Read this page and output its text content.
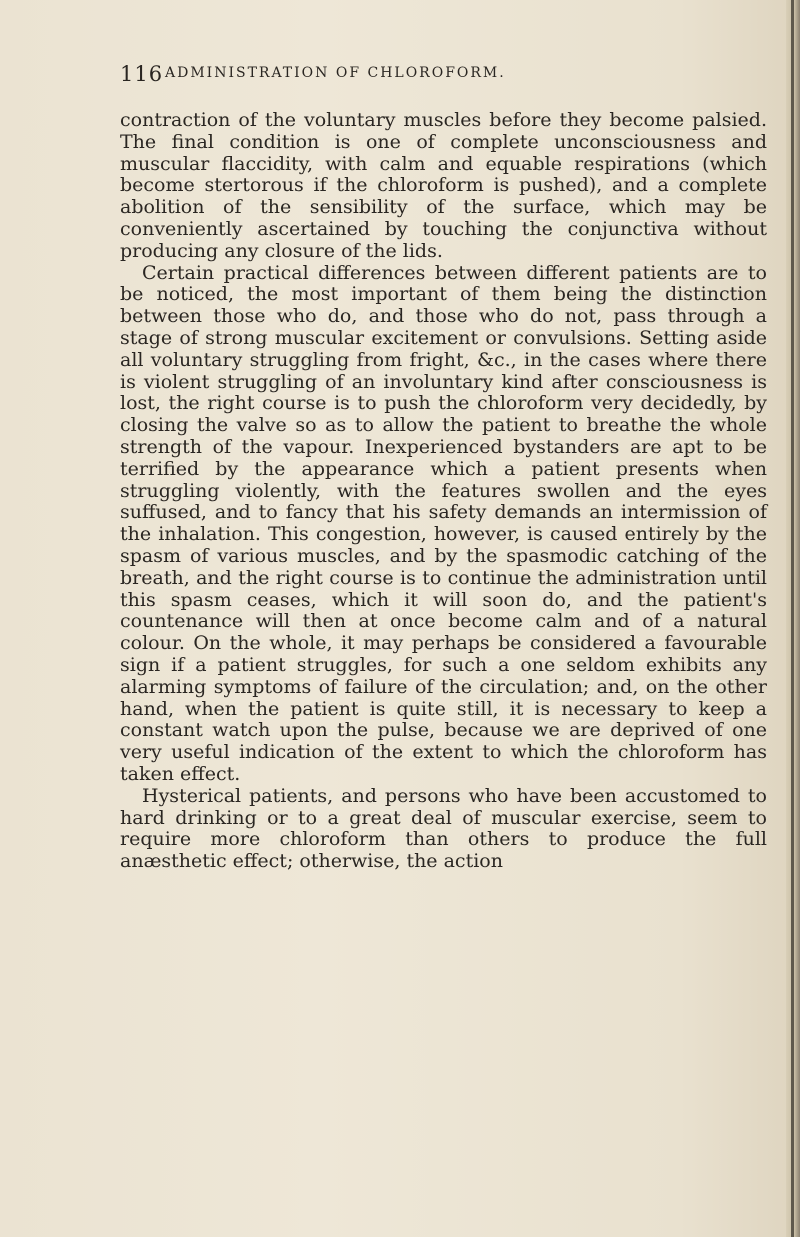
116 ADMINISTRATION OF CHLOROFORM.

contraction of the voluntary muscles before they become palsied. The final condition is one of complete unconsciousness and muscular flaccidity, with calm and equable respirations (which become stertorous if the chloroform is pushed), and a complete abolition of the sensibility of the surface, which may be conveniently ascertained by touching the conjunctiva without producing any closure of the lids.

Certain practical differences between different patients are to be noticed, the most important of them being the distinction between those who do, and those who do not, pass through a stage of strong muscular excitement or convulsions. Setting aside all voluntary struggling from fright, &c., in the cases where there is violent struggling of an involuntary kind after consciousness is lost, the right course is to push the chloroform very decidedly, by closing the valve so as to allow the patient to breathe the whole strength of the vapour. Inexperienced bystanders are apt to be terrified by the appearance which a patient presents when struggling violently, with the features swollen and the eyes suffused, and to fancy that his safety demands an intermission of the inhalation. This congestion, however, is caused entirely by the spasm of various muscles, and by the spasmodic catching of the breath, and the right course is to continue the administration until this spasm ceases, which it will soon do, and the patient's countenance will then at once become calm and of a natural colour. On the whole, it may perhaps be considered a favourable sign if a patient struggles, for such a one seldom exhibits any alarming symptoms of failure of the circulation; and, on the other hand, when the patient is quite still, it is necessary to keep a constant watch upon the pulse, because we are deprived of one very useful indication of the extent to which the chloroform has taken effect.

Hysterical patients, and persons who have been accustomed to hard drinking or to a great deal of muscular exercise, seem to require more chloroform than others to produce the full anæsthetic effect; otherwise, the action
